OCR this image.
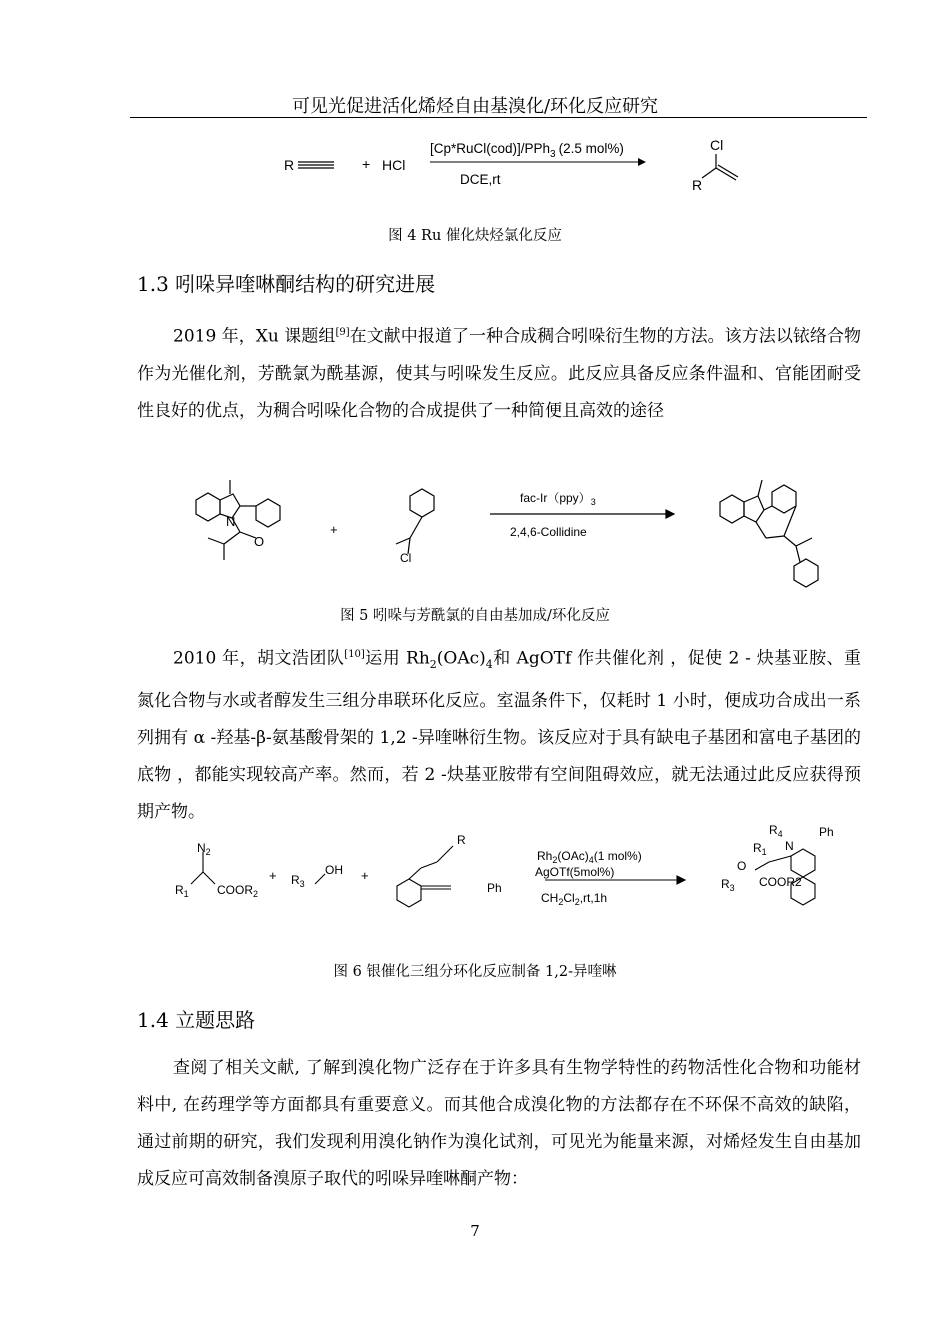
可见光促进活化烯烃自由基溴化/环化反应研究
R	+ HCl
[Cp*RuCl(cod)]/PPh$_3$ (2.5 mol%)
DCE,rt
Cl
R
图 4 Ru 催化炔烃氯化反应
1.3 吲哚异喹啉酮结构的研究进展
2019 年，Xu 课题组[9]在文献中报道了一种合成稠合吲哚衍生物的方法。该方法以铱络合物作为光催化剂，芳酰氯为酰基源，使其与吲哚发生反应。此反应具备反应条件温和、官能团耐受性良好的优点，为稠合吲哚化合物的合成提供了一种简便且高效的途径
N
O
+
Cl
fac-$Ir(ppy)_3$
2,4,6-Collidine
图 5 吲哚与芳酰氯的自由基加成/环化反应
2010 年，胡文浩团队[10]运用 $Rh_2(OAc)_4$和 AgOTf 作共催化剂 ，促使 2 - 炔基亚胺、重氮化合物与水或者醇发生三组分串联环化反应。室温条件下，仅耗时 1 小时，便成功合成出一系列拥有 α -羟基-β-氨基酸骨架的 1,2 -异喹啉衍生物。该反应对于具有缺电子基团和富电子基团的底物 ，都能实现较高产率。然而，若 2 -炔基亚胺带有空间阻碍效应，就无法通过此反应获得预期产物。
$N_2$
$R_1$ $COOR_2$
+ $R_3$
OH +
R
Ph
$Rh_2(OAc)_4(1$ mol%)
AgOTf(5mol%)
$CH_2Cl_2,rt,1h$
$R_4$	Ph
$R_1$ N
O
$R_3$ COOR2
图 6 银催化三组分环化反应制备 1,2-异喹啉
1.4 立题思路
查阅了相关文献, 了解到溴化物广泛存在于许多具有生物学特性的药物活性化合物和功能材料中, 在药理学等方面都具有重要意义。而其他合成溴化物的方法都存在不环保不高效的缺陷，通过前期的研究，我们发现利用溴化钠作为溴化试剂，可见光为能量来源，对烯烃发生自由基加成反应可高效制备溴原子取代的吲哚异喹啉酮产物：
7
